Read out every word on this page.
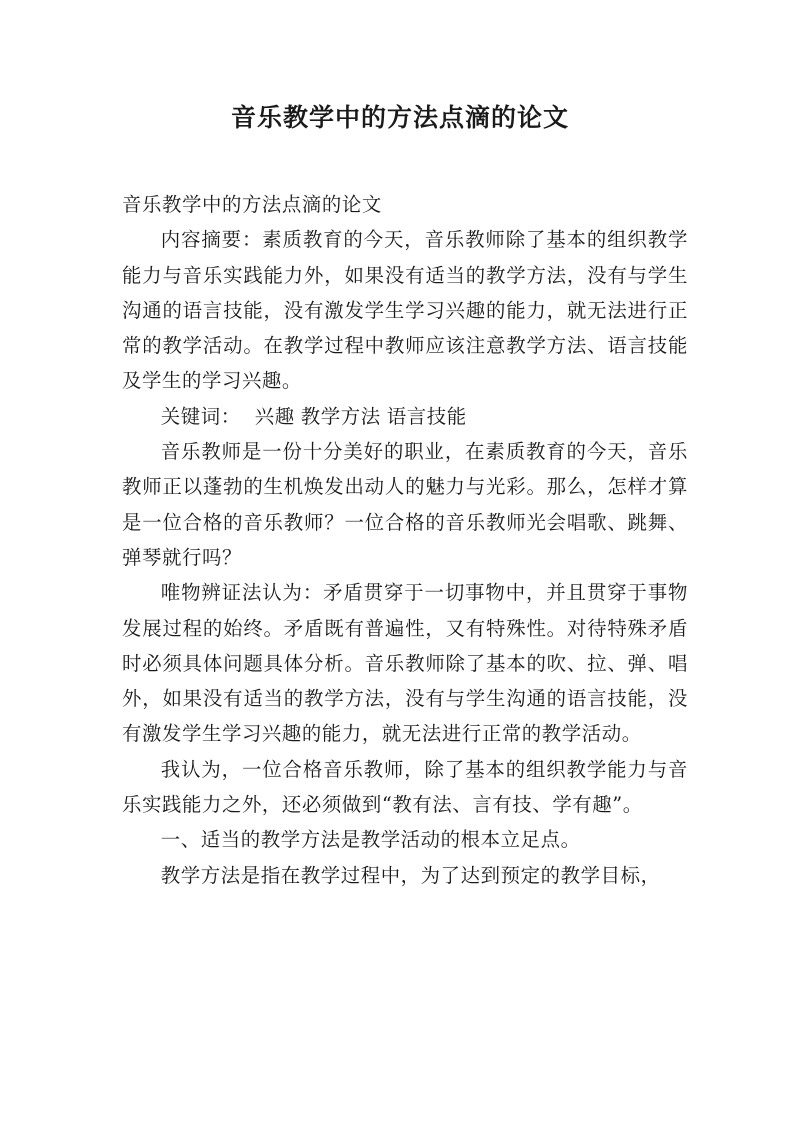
音乐教学中的方法点滴的论文

音乐教学中的方法点滴的论文

内容摘要：素质教育的今天，音乐教师除了基本的组织教学能力与音乐实践能力外，如果没有适当的教学方法，没有与学生沟通的语言技能，没有激发学生学习兴趣的能力，就无法进行正常的教学活动。在教学过程中教师应该注意教学方法、语言技能及学生的学习兴趣。

关键词： 兴趣 教学方法 语言技能

音乐教师是一份十分美好的职业，在素质教育的今天，音乐教师正以蓬勃的生机焕发出动人的魅力与光彩。那么，怎样才算是一位合格的音乐教师？一位合格的音乐教师光会唱歌、跳舞、弹琴就行吗？

唯物辨证法认为：矛盾贯穿于一切事物中，并且贯穿于事物发展过程的始终。矛盾既有普遍性，又有特殊性。对待特殊矛盾时必须具体问题具体分析。音乐教师除了基本的吹、拉、弹、唱外，如果没有适当的教学方法，没有与学生沟通的语言技能，没有激发学生学习兴趣的能力，就无法进行正常的教学活动。

我认为，一位合格音乐教师，除了基本的组织教学能力与音乐实践能力之外，还必须做到“教有法、言有技、学有趣”。

一、适当的教学方法是教学活动的根本立足点。

教学方法是指在教学过程中，为了达到预定的教学目标，
